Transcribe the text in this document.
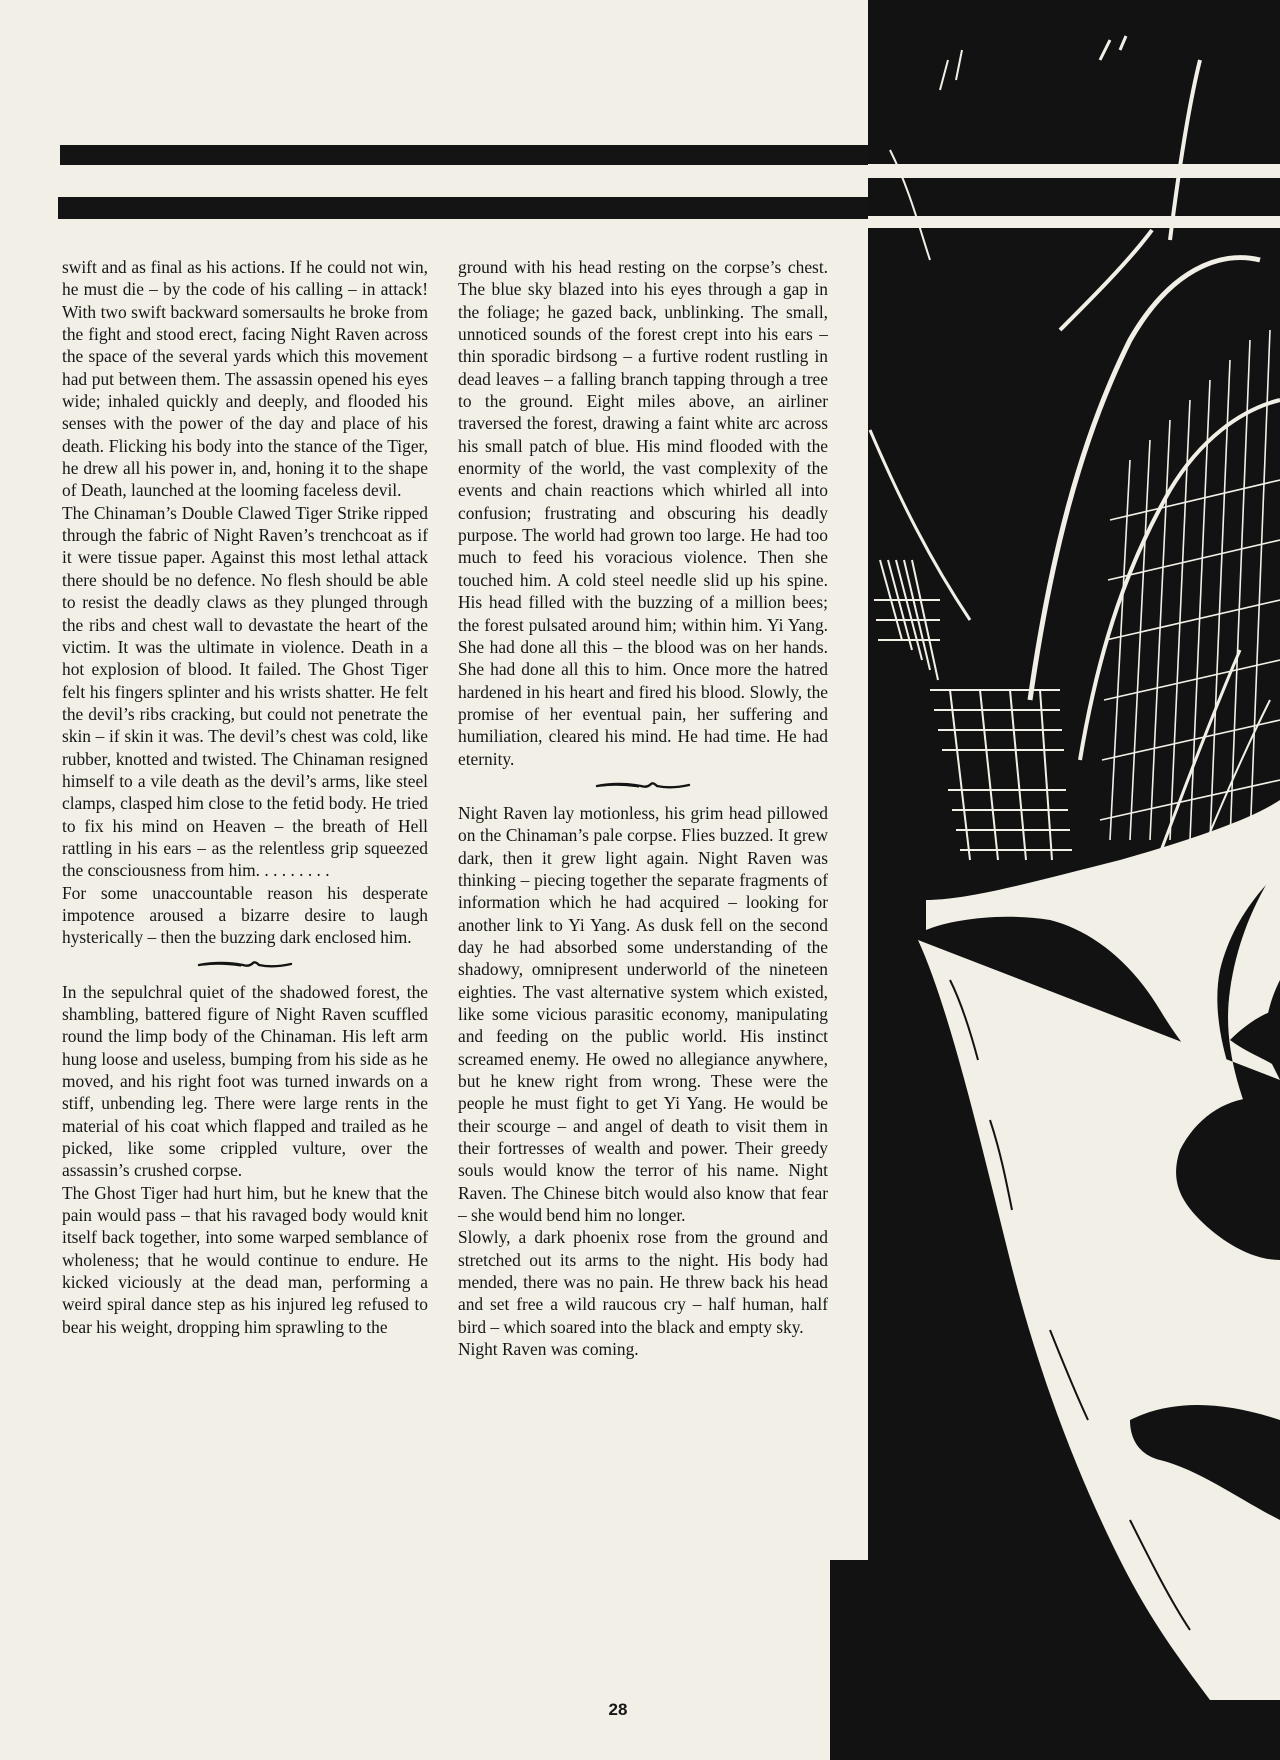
swift and as final as his actions. If he could not win, he must die – by the code of his calling – in attack! With two swift backward somersaults he broke from the fight and stood erect, facing Night Raven across the space of the several yards which this movement had put between them. The assassin opened his eyes wide; inhaled quickly and deeply, and flooded his senses with the power of the day and place of his death. Flicking his body into the stance of the Tiger, he drew all his power in, and, honing it to the shape of Death, launched at the looming faceless devil.

The Chinaman’s Double Clawed Tiger Strike ripped through the fabric of Night Raven’s trenchcoat as if it were tissue paper. Against this most lethal attack there should be no defence. No flesh should be able to resist the deadly claws as they plunged through the ribs and chest wall to devastate the heart of the victim. It was the ultimate in violence. Death in a hot explosion of blood. It failed. The Ghost Tiger felt his fingers splinter and his wrists shatter. He felt the devil’s ribs cracking, but could not penetrate the skin – if skin it was. The devil’s chest was cold, like rubber, knotted and twisted. The Chinaman resigned himself to a vile death as the devil’s arms, like steel clamps, clasped him close to the fetid body. He tried to fix his mind on Heaven – the breath of Hell rattling in his ears – as the relentless grip squeezed the consciousness from him. . . . . . . . .

For some unaccountable reason his desperate impotence aroused a bizarre desire to laugh hysterically – then the buzzing dark enclosed him.

In the sepulchral quiet of the shadowed forest, the shambling, battered figure of Night Raven scuffled round the limp body of the Chinaman. His left arm hung loose and useless, bumping from his side as he moved, and his right foot was turned inwards on a stiff, unbending leg. There were large rents in the material of his coat which flapped and trailed as he picked, like some crippled vulture, over the assassin’s crushed corpse.

The Ghost Tiger had hurt him, but he knew that the pain would pass – that his ravaged body would knit itself back together, into some warped semblance of wholeness; that he would continue to endure. He kicked viciously at the dead man, performing a weird spiral dance step as his injured leg refused to bear his weight, dropping him sprawling to the

ground with his head resting on the corpse’s chest. The blue sky blazed into his eyes through a gap in the foliage; he gazed back, unblinking. The small, unnoticed sounds of the forest crept into his ears – thin sporadic birdsong – a furtive rodent rustling in dead leaves – a falling branch tapping through a tree to the ground. Eight miles above, an airliner traversed the forest, drawing a faint white arc across his small patch of blue. His mind flooded with the enormity of the world, the vast complexity of the events and chain reactions which whirled all into confusion; frustrating and obscuring his deadly purpose. The world had grown too large. He had too much to feed his voracious violence. Then she touched him. A cold steel needle slid up his spine. His head filled with the buzzing of a million bees; the forest pulsated around him; within him. Yi Yang. She had done all this – the blood was on her hands. She had done all this to him. Once more the hatred hardened in his heart and fired his blood. Slowly, the promise of her eventual pain, her suffering and humiliation, cleared his mind. He had time. He had eternity.

Night Raven lay motionless, his grim head pillowed on the Chinaman’s pale corpse. Flies buzzed. It grew dark, then it grew light again. Night Raven was thinking – piecing together the separate fragments of information which he had acquired – looking for another link to Yi Yang. As dusk fell on the second day he had absorbed some understanding of the shadowy, omnipresent underworld of the nineteen eighties. The vast alternative system which existed, like some vicious parasitic economy, manipulating and feeding on the public world. His instinct screamed enemy. He owed no allegiance anywhere, but he knew right from wrong. These were the people he must fight to get Yi Yang. He would be their scourge – and angel of death to visit them in their fortresses of wealth and power. Their greedy souls would know the terror of his name. Night Raven. The Chinese bitch would also know that fear – she would bend him no longer.

Slowly, a dark phoenix rose from the ground and stretched out its arms to the night. His body had mended, there was no pain. He threw back his head and set free a wild raucous cry – half human, half bird – which soared into the black and empty sky.

Night Raven was coming.

28
